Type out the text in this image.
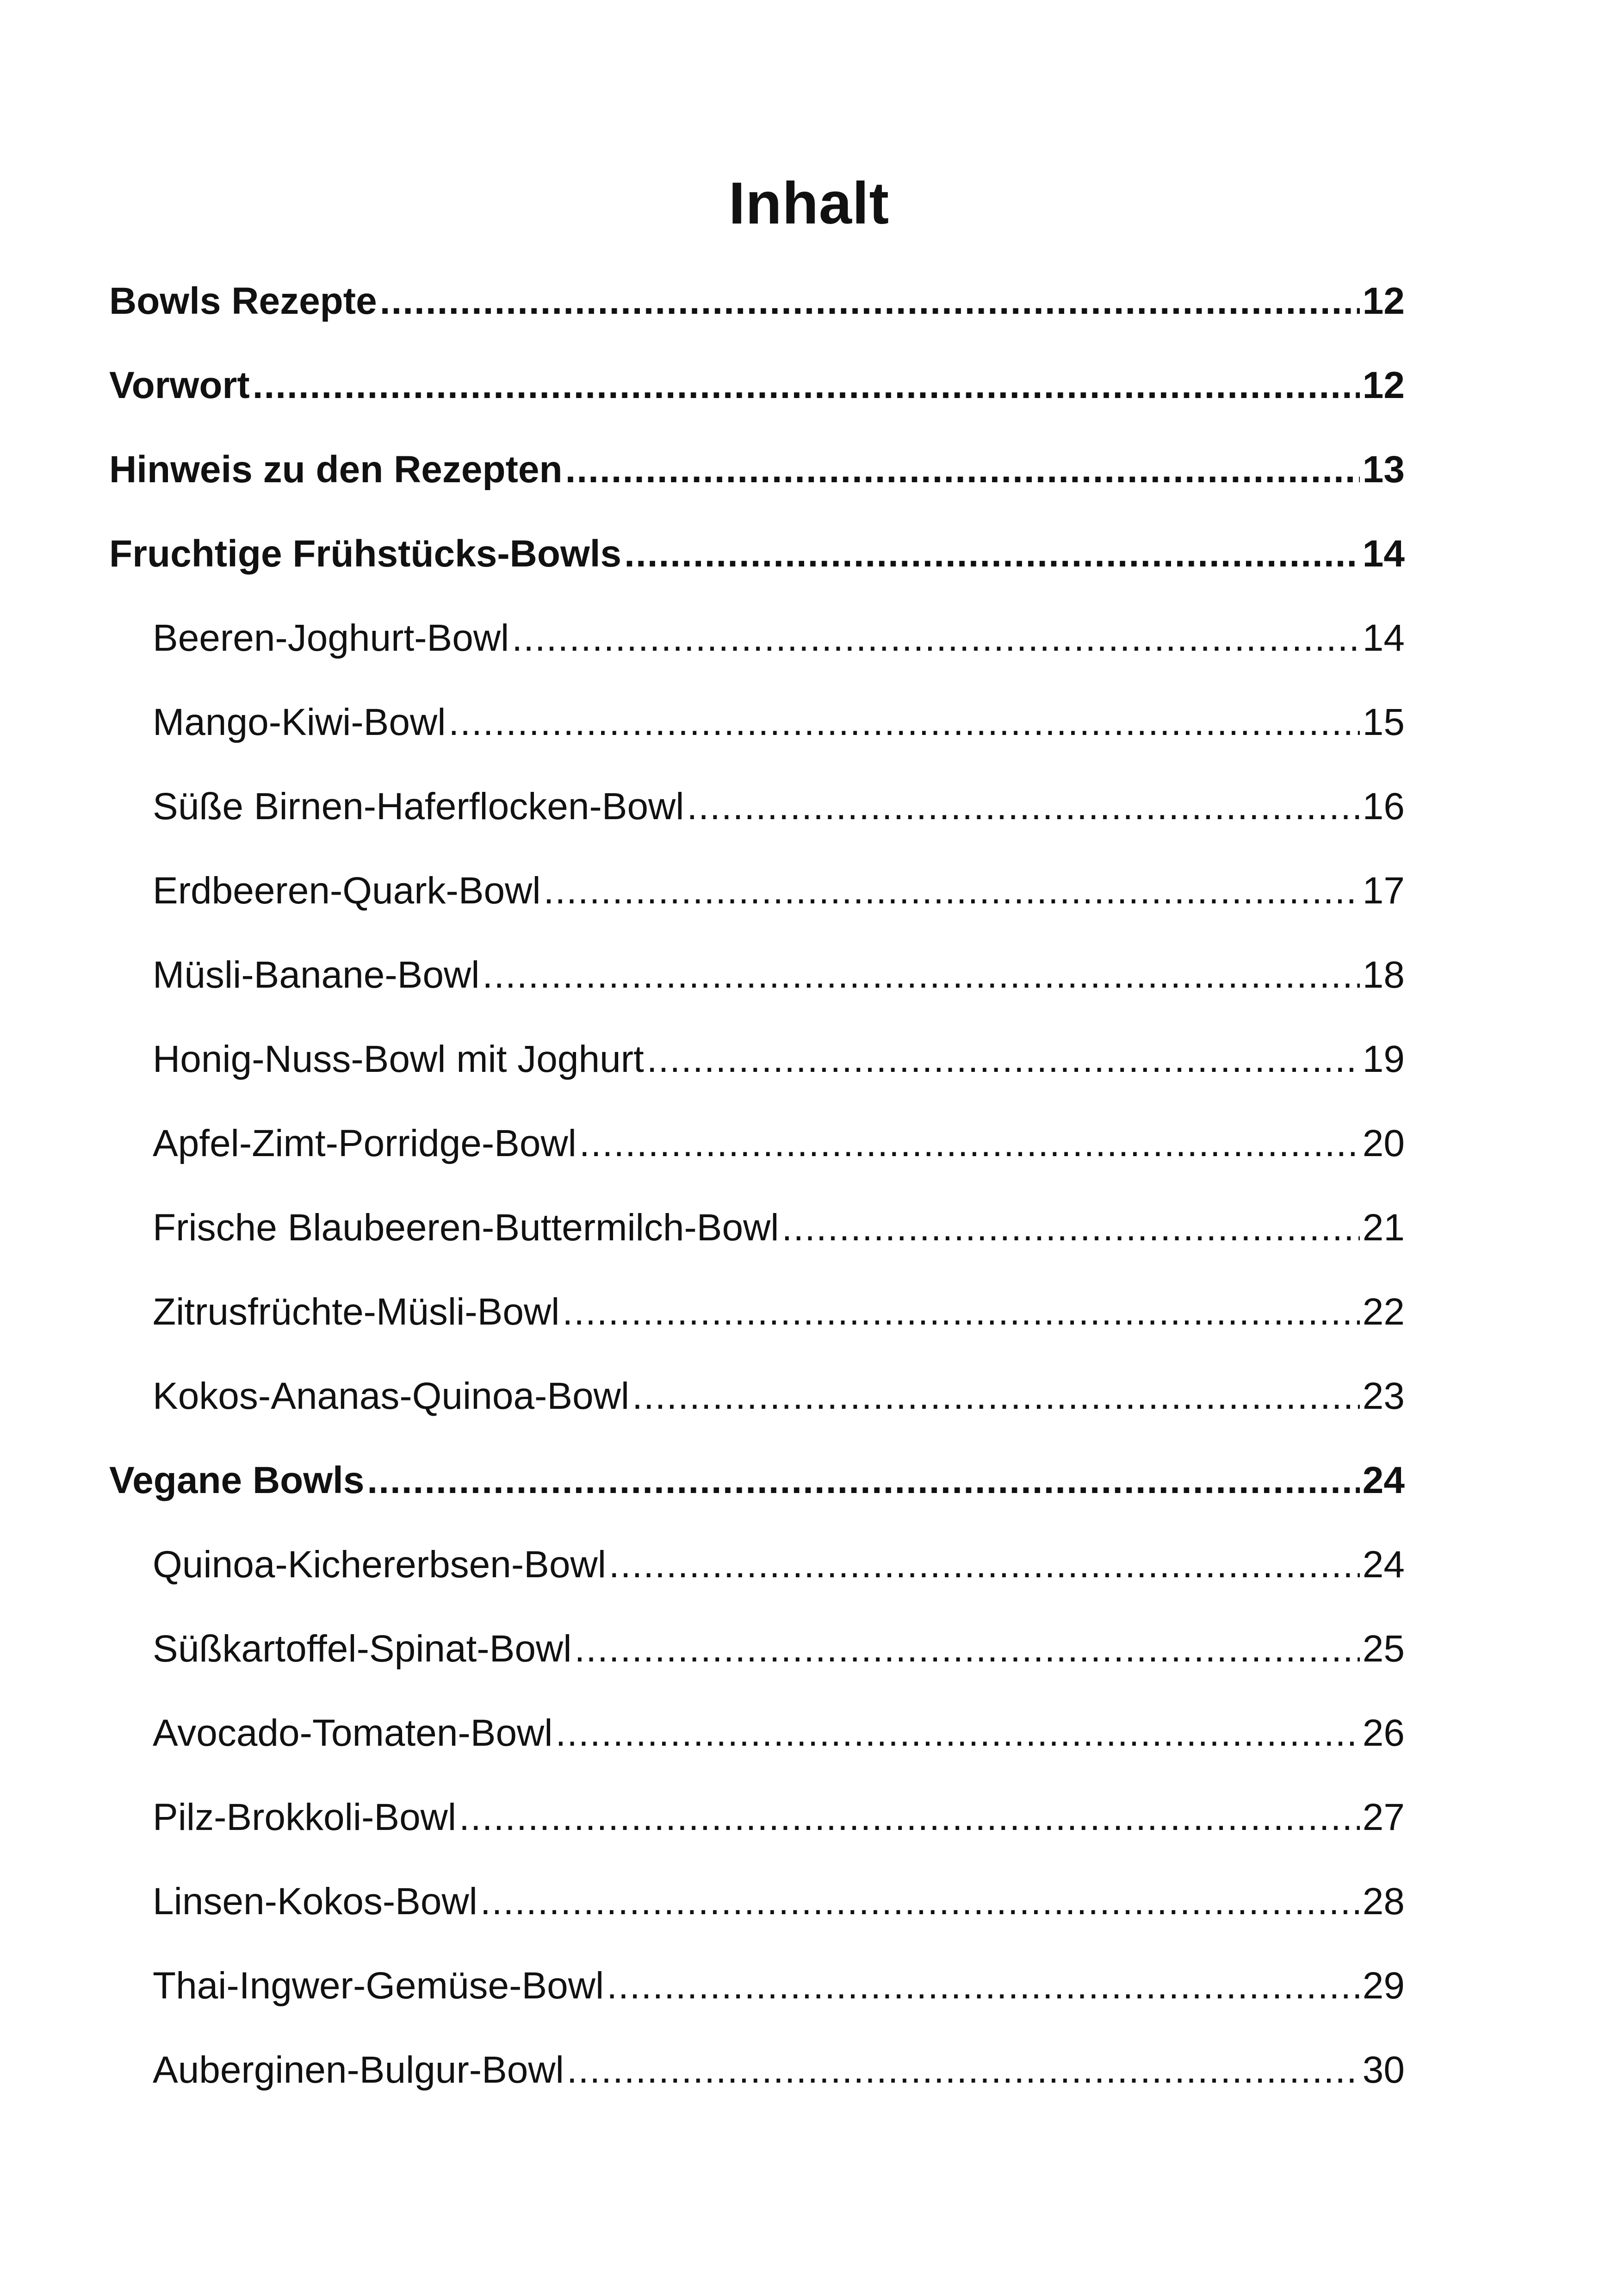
Inhalt
Bowls Rezepte .....	12
Vorwort .....	12
Hinweis zu den Rezepten .....	13
Fruchtige Frühstücks-Bowls .....	14
Beeren-Joghurt-Bowl .....	14
Mango-Kiwi-Bowl .....	15
Süße Birnen-Haferflocken-Bowl .....	16
Erdbeeren-Quark-Bowl .....	17
Müsli-Banane-Bowl .....	18
Honig-Nuss-Bowl mit Joghurt .....	19
Apfel-Zimt-Porridge-Bowl .....	20
Frische Blaubeeren-Buttermilch-Bowl .....	21
Zitrusfrüchte-Müsli-Bowl .....	22
Kokos-Ananas-Quinoa-Bowl .....	23
Vegane Bowls .....	24
Quinoa-Kichererbsen-Bowl .....	24
Süßkartoffel-Spinat-Bowl .....	25
Avocado-Tomaten-Bowl .....	26
Pilz-Brokkoli-Bowl .....	27
Linsen-Kokos-Bowl .....	28
Thai-Ingwer-Gemüse-Bowl .....	29
Auberginen-Bulgur-Bowl .....	30
